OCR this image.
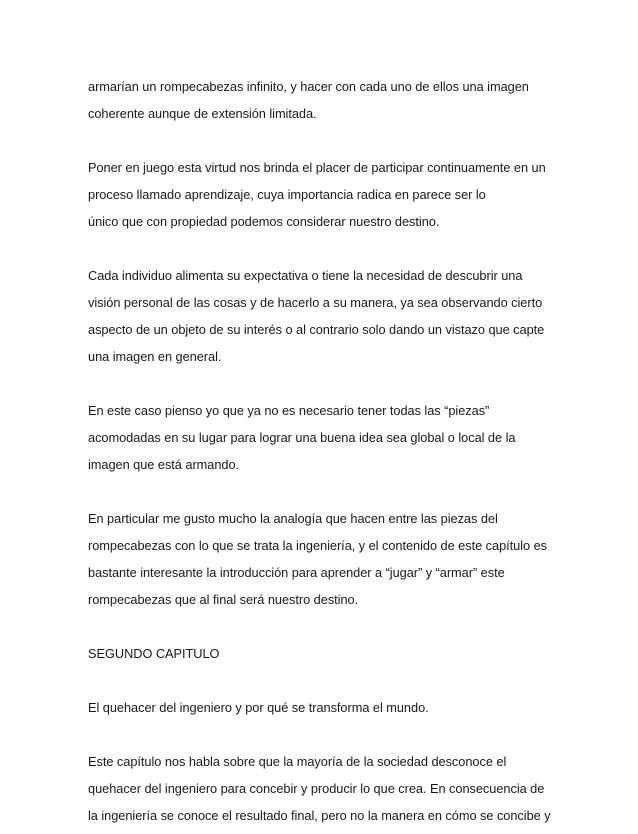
armarían un rompecabezas infinito, y hacer con cada uno de ellos una imagen
coherente aunque de extensión limitada.
Poner en juego esta virtud nos brinda el placer de participar continuamente en un
proceso llamado aprendizaje, cuya importancia radica en parece ser lo
único que con propiedad podemos considerar nuestro destino.
Cada individuo alimenta su expectativa o tiene la necesidad de descubrir una
visión personal de las cosas y de hacerlo a su manera, ya sea observando cierto
aspecto de un objeto de su interés o al contrario solo dando un vistazo que capte
una imagen en general.
En este caso pienso yo que ya no es necesario tener todas las “piezas”
acomodadas en su lugar para lograr una buena idea sea global o local de la
imagen que está armando.
En particular me gusto mucho la analogía que hacen entre las piezas del
rompecabezas con lo que se trata la ingeniería, y el contenido de este capítulo es
bastante interesante la introducción para aprender a “jugar” y “armar” este
rompecabezas que al final será nuestro destino.
SEGUNDO CAPITULO
El quehacer del ingeniero y por qué se transforma el mundo.
Este capítulo nos habla sobre que la mayoría de la sociedad desconoce el
quehacer del ingeniero para concebir y producir lo que crea. En consecuencia de
la ingeniería se conoce el resultado final, pero no la manera en cómo se concibe y
